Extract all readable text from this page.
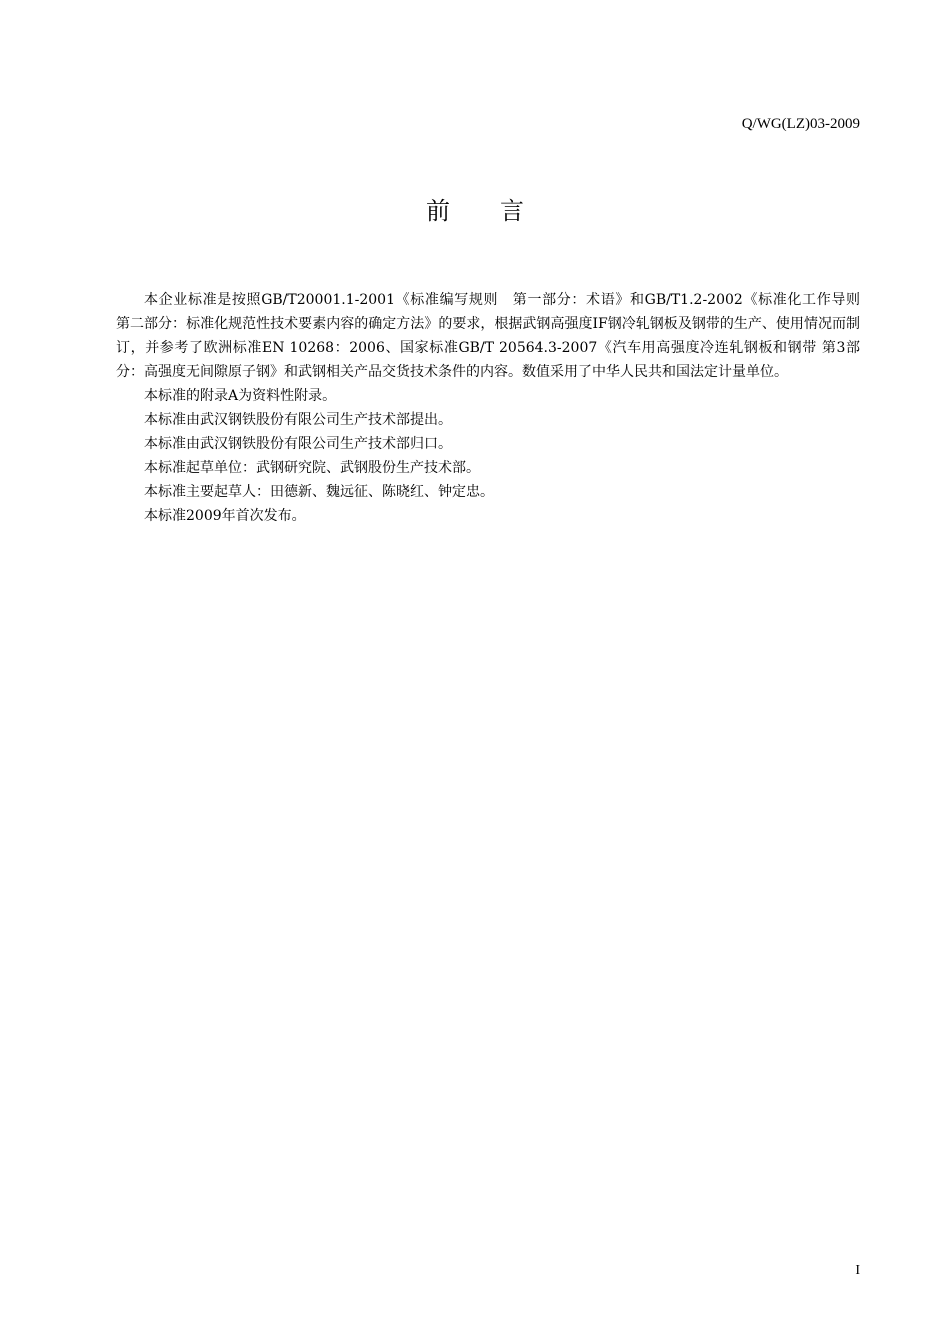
Q/WG(LZ)03-2009
前言

本企业标准是按照GB/T20001.1-2001《标准编写规则　第一部分：术语》和GB/T1.2-2002《标准化工作导则　第二部分：标准化规范性技术要素内容的确定方法》的要求，根据武钢高强度IF钢冷轧钢板及钢带的生产、使用情况而制订，并参考了欧洲标准EN 10268：2006、国家标准GB/T 20564.3-2007《汽车用高强度冷连轧钢板和钢带 第3部分：高强度无间隙原子钢》和武钢相关产品交货技术条件的内容。数值采用了中华人民共和国法定计量单位。

本标准的附录A为资料性附录。

本标准由武汉钢铁股份有限公司生产技术部提出。

本标准由武汉钢铁股份有限公司生产技术部归口。

本标准起草单位：武钢研究院、武钢股份生产技术部。

本标准主要起草人：田德新、魏远征、陈晓红、钟定忠。

本标准2009年首次发布。

I
